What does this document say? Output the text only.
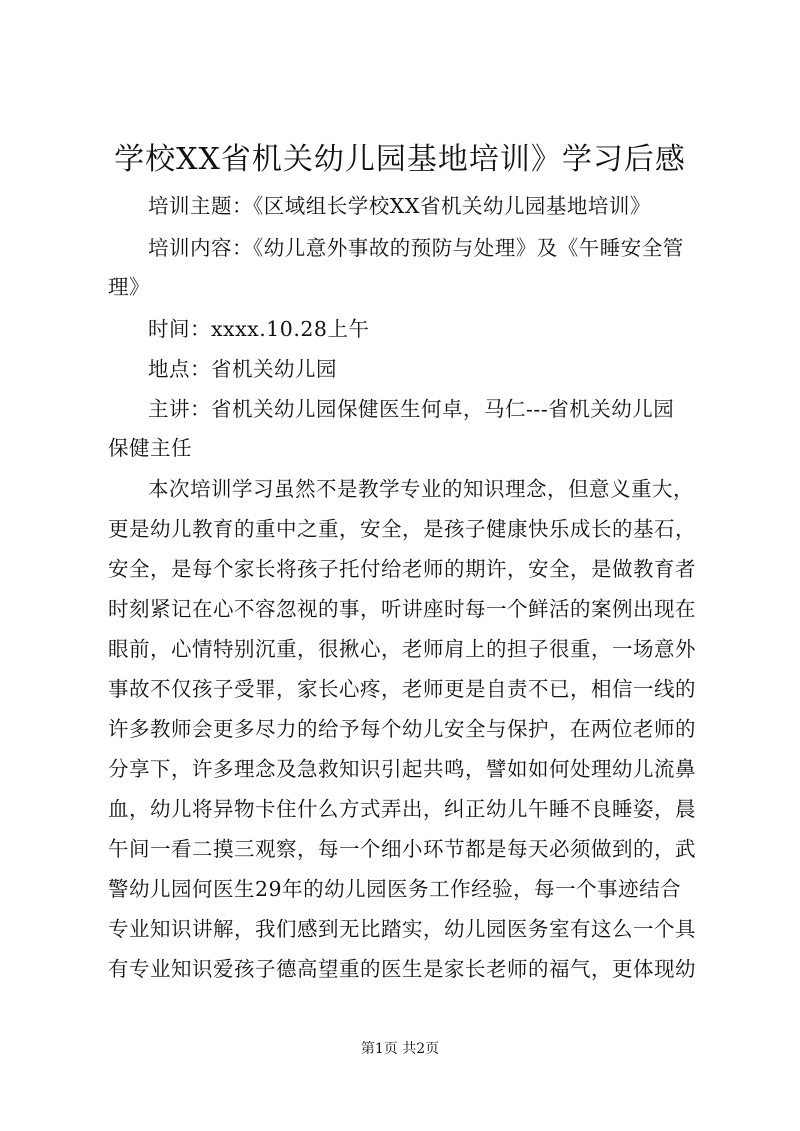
学校XX省机关幼儿园基地培训》学习后感
培训主题：《区域组长学校XX省机关幼儿园基地培训》
培训内容：《幼儿意外事故的预防与处理》及《午睡安全管
理》
时间：xxxx.10.28上午
地点：省机关幼儿园
主讲：省机关幼儿园保健医生何卓，马仁---省机关幼儿园
保健主任
本次培训学习虽然不是教学专业的知识理念，但意义重大，
更是幼儿教育的重中之重，安全，是孩子健康快乐成长的基石，
安全，是每个家长将孩子托付给老师的期许，安全，是做教育者
时刻紧记在心不容忽视的事，听讲座时每一个鲜活的案例出现在
眼前，心情特别沉重，很揪心，老师肩上的担子很重，一场意外
事故不仅孩子受罪，家长心疼，老师更是自责不已，相信一线的
许多教师会更多尽力的给予每个幼儿安全与保护，在两位老师的
分享下，许多理念及急救知识引起共鸣，譬如如何处理幼儿流鼻
血，幼儿将异物卡住什么方式弄出，纠正幼儿午睡不良睡姿，晨
午间一看二摸三观察，每一个细小环节都是每天必须做到的，武
警幼儿园何医生29年的幼儿园医务工作经验，每一个事迹结合
专业知识讲解，我们感到无比踏实，幼儿园医务室有这么一个具
有专业知识爱孩子德高望重的医生是家长老师的福气，更体现幼
第1页 共2页
